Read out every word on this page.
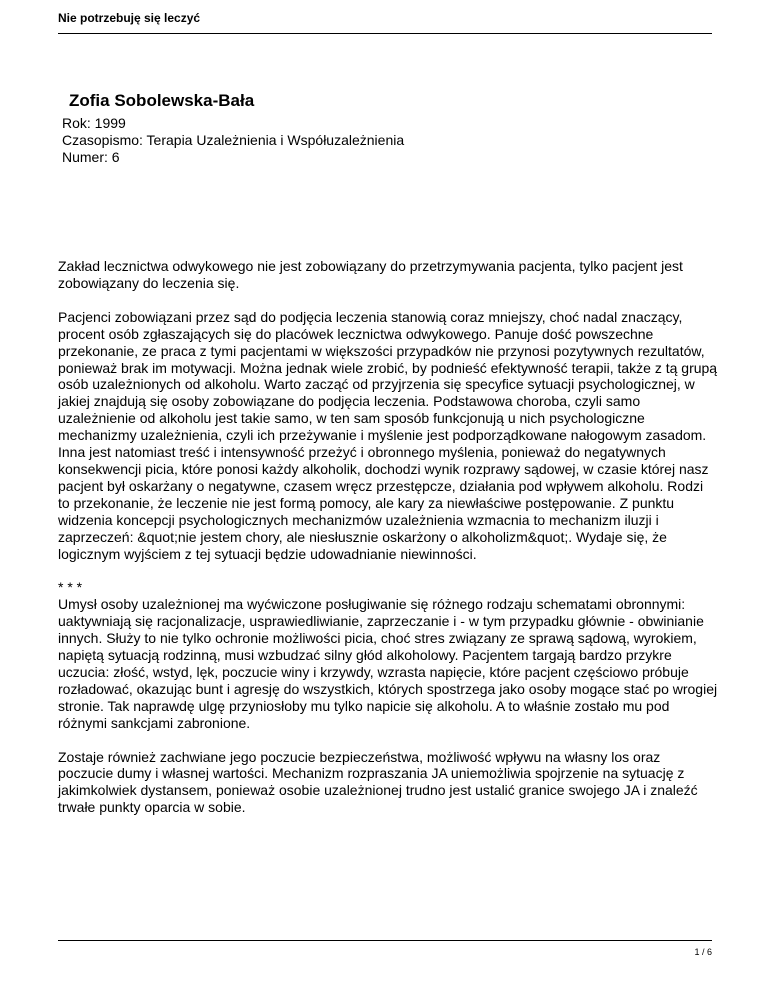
Nie potrzebuję się leczyć
Zofia Sobolewska-Bała
Rok: 1999
Czasopismo: Terapia Uzależnienia i Współuzależnienia
Numer: 6

Zakład lecznictwa odwykowego nie jest zobowiązany do przetrzymywania pacjenta, tylko pacjent jest zobowiązany do leczenia się.

Pacjenci zobowiązani przez sąd do podjęcia leczenia stanowią coraz mniejszy, choć nadal znaczący, procent osób zgłaszających się do placówek lecznictwa odwykowego. Panuje dość powszechne przekonanie, ze praca z tymi pacjentami w większości przypadków nie przynosi pozytywnych rezultatów, ponieważ brak im motywacji. Można jednak wiele zrobić, by podnieść efektywność terapii, także z tą grupą osób uzależnionych od alkoholu. Warto zacząć od przyjrzenia się specyfice sytuacji psychologicznej, w jakiej znajdują się osoby zobowiązane do podjęcia leczenia. Podstawowa choroba, czyli samo uzależnienie od alkoholu jest takie samo, w ten sam sposób funkcjonują u nich psychologiczne mechanizmy uzależnienia, czyli ich przeżywanie i myślenie jest podporządkowane nałogowym zasadom. Inna jest natomiast treść i intensywność przeżyć i obronnego myślenia, ponieważ do negatywnych konsekwencji picia, które ponosi każdy alkoholik, dochodzi wynik rozprawy sądowej, w czasie której nasz pacjent był oskarżany o negatywne, czasem wręcz przestępcze, działania pod wpływem alkoholu. Rodzi to przekonanie, że leczenie nie jest formą pomocy, ale kary za niewłaściwe postępowanie. Z punktu widzenia koncepcji psychologicznych mechanizmów uzależnienia wzmacnia to mechanizm iluzji i zaprzeczeń: &quot;nie jestem chory, ale niesłusznie oskarżony o alkoholizm&quot;. Wydaje się, że logicznym wyjściem z tej sytuacji będzie udowadnianie niewinności.

* * *

Umysł osoby uzależnionej ma wyćwiczone posługiwanie się różnego rodzaju schematami obronnymi: uaktywniają się racjonalizacje, usprawiedliwianie, zaprzeczanie i - w tym przypadku głównie - obwinianie innych. Służy to nie tylko ochronie możliwości picia, choć stres związany ze sprawą sądową, wyrokiem, napiętą sytuacją rodzinną, musi wzbudzać silny głód alkoholowy. Pacjentem targają bardzo przykre uczucia: złość, wstyd, lęk, poczucie winy i krzywdy, wzrasta napięcie, które pacjent częściowo próbuje rozładować, okazując bunt i agresję do wszystkich, których spostrzega jako osoby mogące stać po wrogiej stronie. Tak naprawdę ulgę przyniosłoby mu tylko napicie się alkoholu. A to właśnie zostało mu pod różnymi sankcjami zabronione.

Zostaje również zachwiane jego poczucie bezpieczeństwa, możliwość wpływu na własny los oraz poczucie dumy i własnej wartości. Mechanizm rozpraszania JA uniemożliwia spojrzenie na sytuację z jakimkolwiek dystansem, ponieważ osobie uzależnionej trudno jest ustalić granice swojego JA i znaleźć trwałe punkty oparcia w sobie.

1 / 6
